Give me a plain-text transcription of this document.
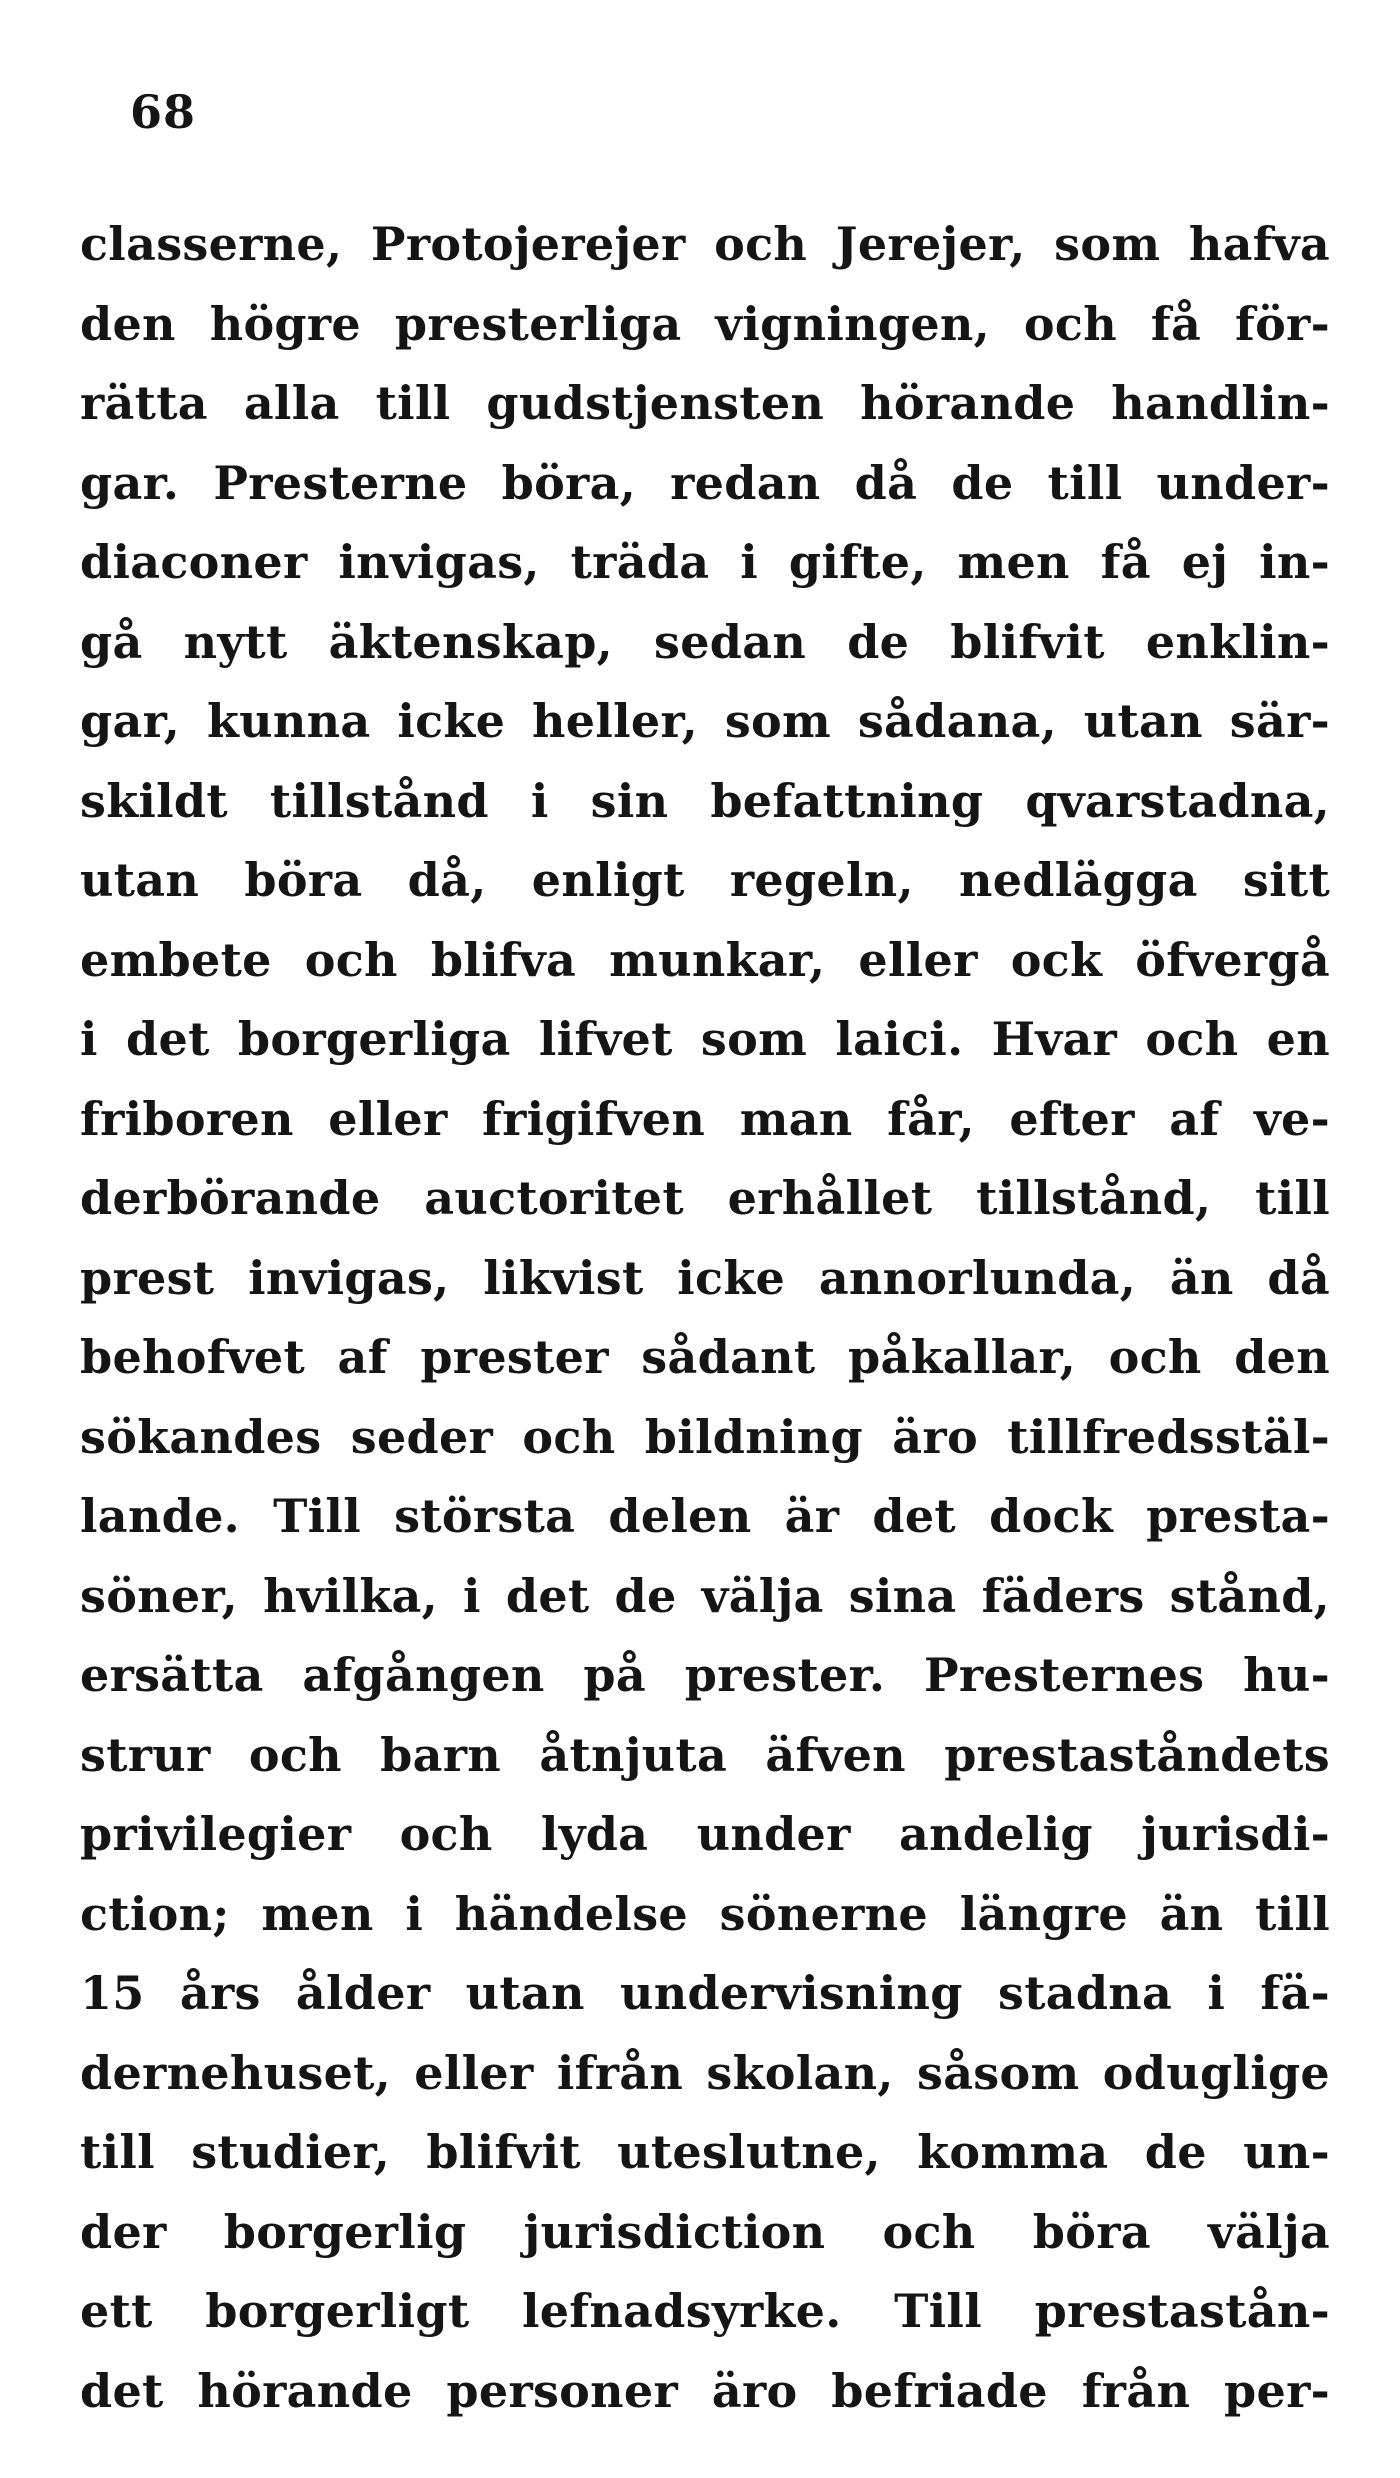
68
classerne, Protojerejer och Jerejer, som hafva
den högre presterliga vigningen, och få för-
rätta alla till gudstjensten hörande handlin-
gar. Presterne böra, redan då de till under-
diaconer invigas, träda i gifte, men få ej in-
gå nytt äktenskap, sedan de blifvit enklin-
gar, kunna icke heller, som sådana, utan sär-
skildt tillstånd i sin befattning qvarstadna,
utan böra då, enligt regeln, nedlägga sitt
embete och blifva munkar, eller ock öfvergå
i det borgerliga lifvet som laici. Hvar och en
friboren eller frigifven man får, efter af ve-
derbörande auctoritet erhållet tillstånd, till
prest invigas, likvist icke annorlunda, än då
behofvet af prester sådant påkallar, och den
sökandes seder och bildning äro tillfredsstäl-
lande. Till största delen är det dock presta-
söner, hvilka, i det de välja sina fäders stånd,
ersätta afgången på prester. Presternes hu-
strur och barn åtnjuta äfven prestaståndets
privilegier och lyda under andelig jurisdi-
ction; men i händelse sönerne längre än till
15 års ålder utan undervisning stadna i fä-
dernehuset, eller ifrån skolan, såsom oduglige
till studier, blifvit uteslutne, komma de un-
der borgerlig jurisdiction och böra välja
ett borgerligt lefnadsyrke. Till prestastån-
det hörande personer äro befriade från per-
